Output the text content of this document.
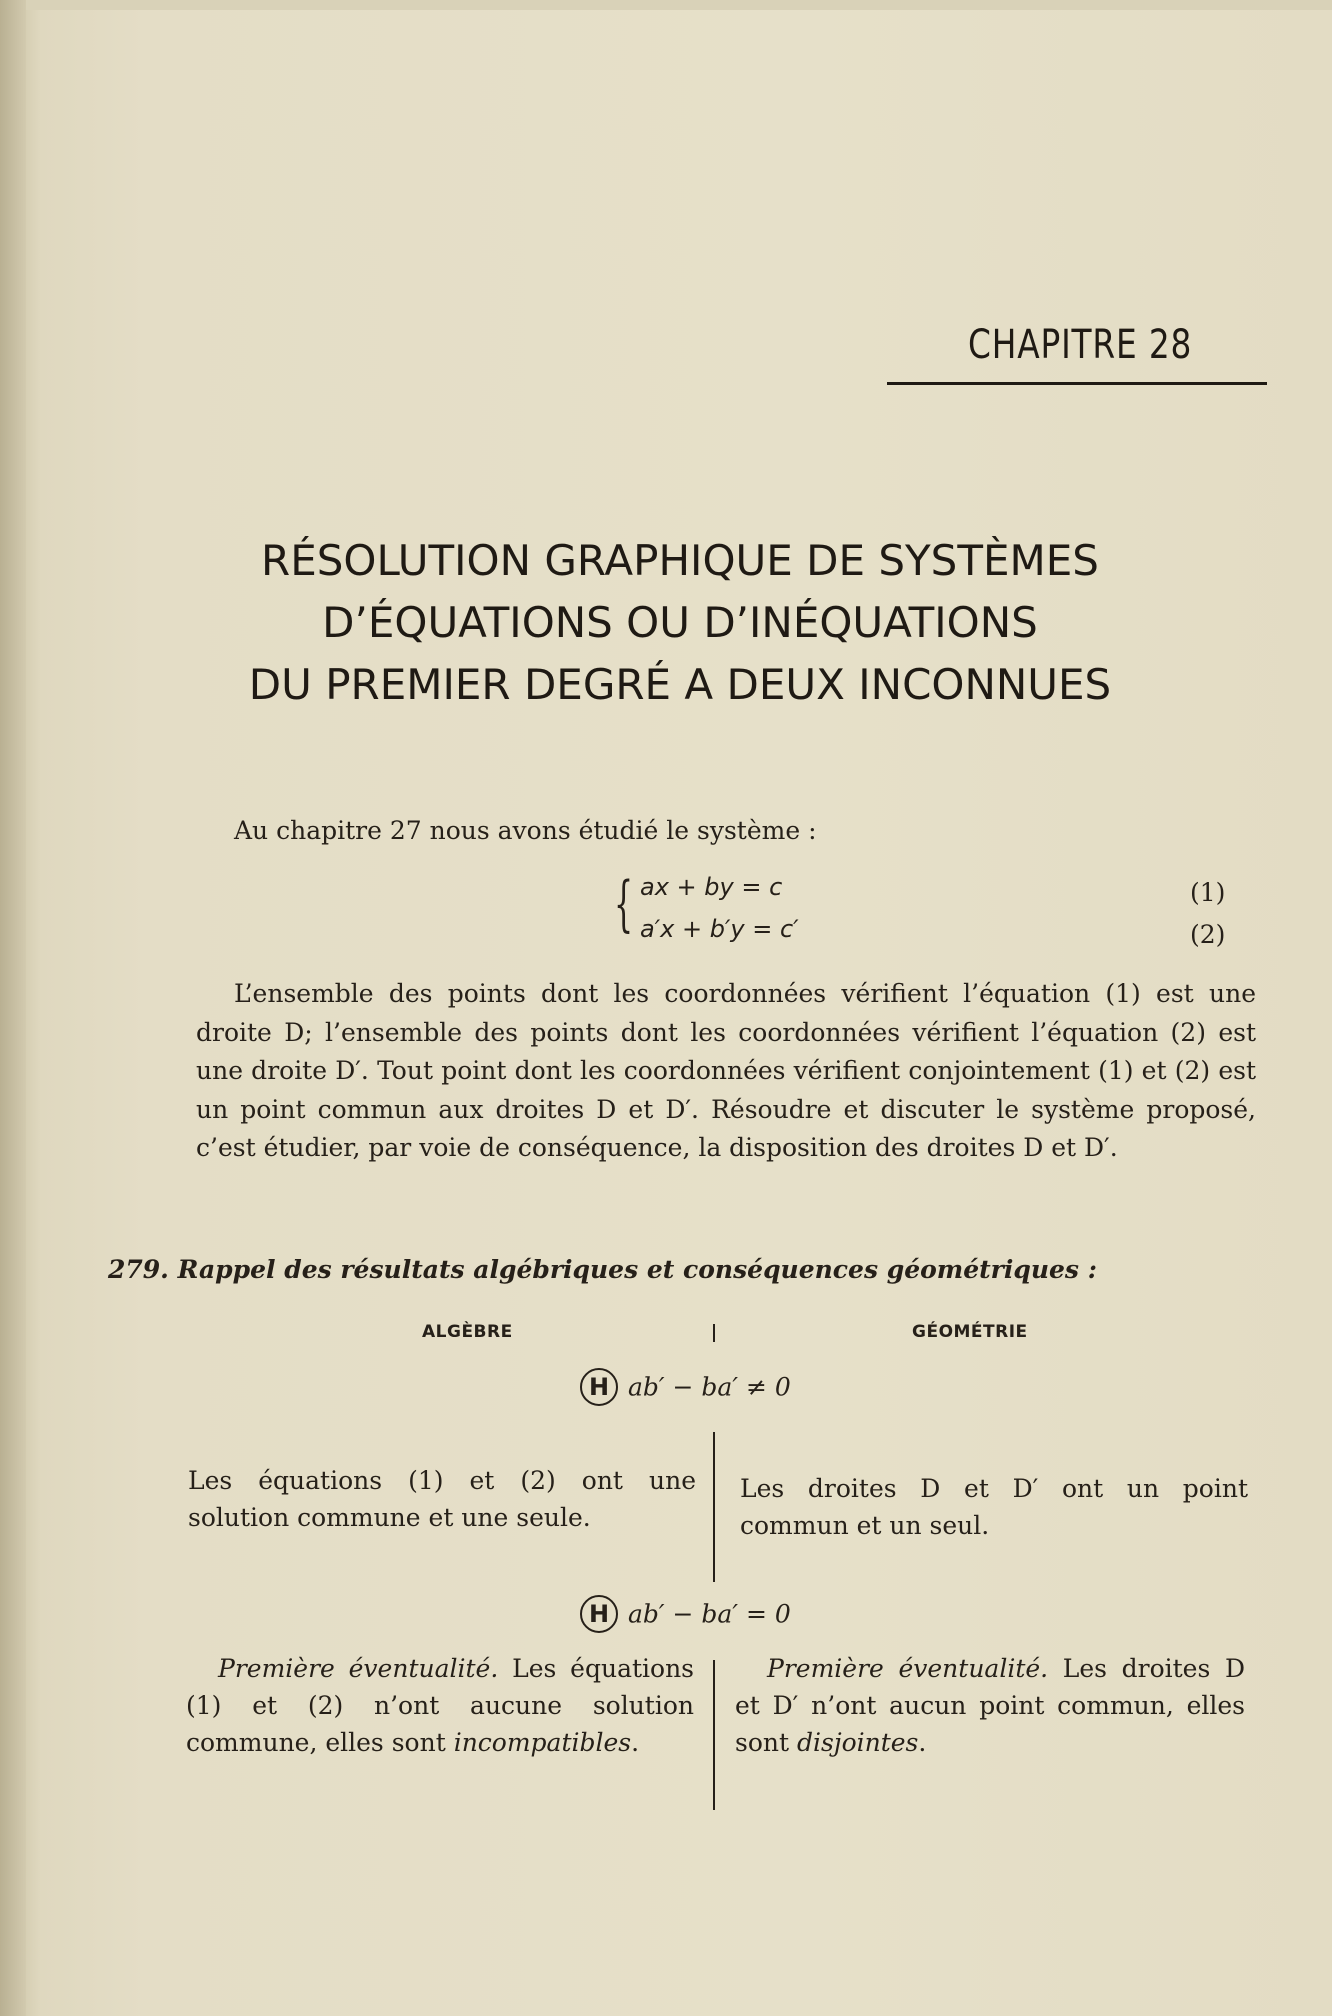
CHAPITRE 28
RÉSOLUTION GRAPHIQUE DE SYSTÈMES
D’ÉQUATIONS OU D’INÉQUATIONS
DU PREMIER DEGRÉ A DEUX INCONNUES
Au chapitre 27 nous avons étudié le système :
{ ax + by = c
a′x + b′y = c′
(1)
(2)
L’ensemble des points dont les coordonnées vérifient l’équation (1) est une droite D; l’ensemble des points dont les coordonnées vérifient l’équation (2) est une droite D′. Tout point dont les coordonnées vérifient conjointement (1) et (2) est un point commun aux droites D et D′. Résoudre et discuter le système proposé, c’est étudier, par voie de conséquence, la disposition des droites D et D′.
279. Rappel des résultats algébriques et conséquences géométriques :
ALGÈBRE	GÉOMÉTRIE
H ab′ − ba′ ≠ 0
Les équations (1) et (2) ont une solution commune et une seule.
Les droites D et D′ ont un point commun et un seul.
H ab′ − ba′ = 0
Première éventualité. Les équations (1) et (2) n’ont aucune solution commune, elles sont incompatibles.
Première éventualité. Les droites D et D′ n’ont aucun point commun, elles sont disjointes.
